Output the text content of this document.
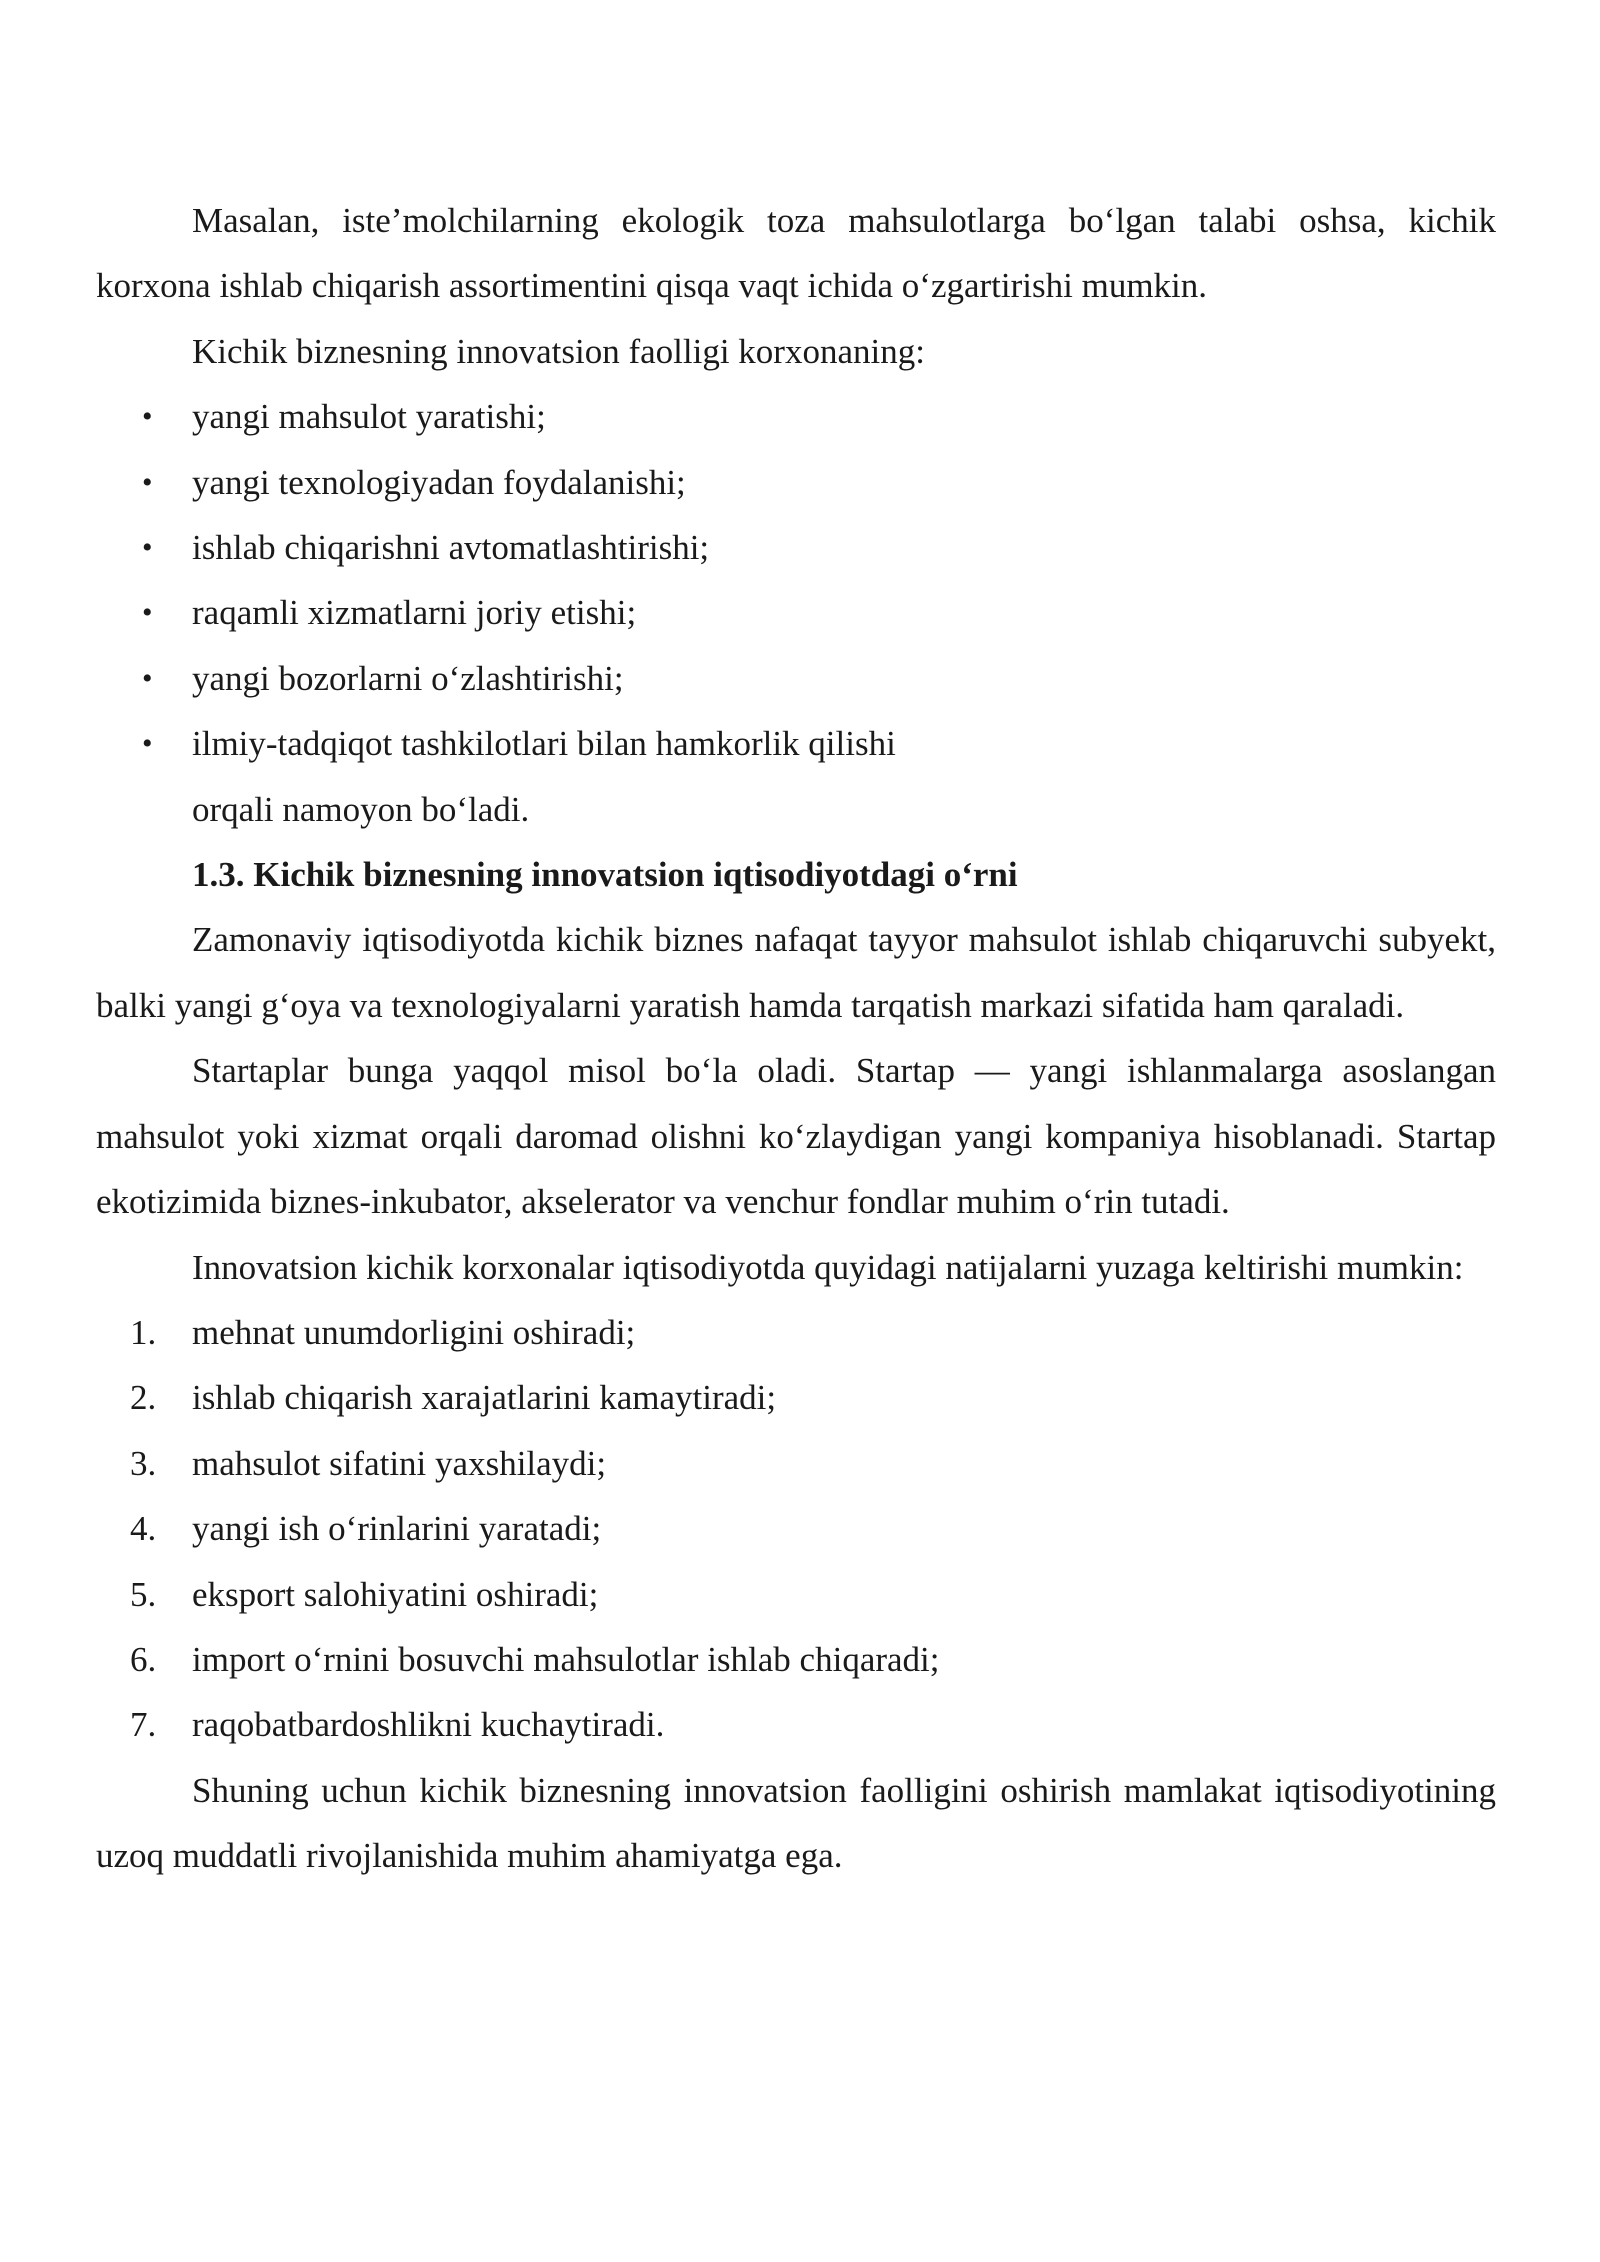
Masalan, iste’molchilarning ekologik toza mahsulotlarga bo‘lgan talabi oshsa, kichik korxona ishlab chiqarish assortimentini qisqa vaqt ichida o‘zgartirishi mumkin.

Kichik biznesning innovatsion faolligi korxonaning:

•	yangi mahsulot yaratishi;
•	yangi texnologiyadan foydalanishi;
•	ishlab chiqarishni avtomatlashtirishi;
•	raqamli xizmatlarni joriy etishi;
•	yangi bozorlarni o‘zlashtirishi;
•	ilmiy-tadqiqot tashkilotlari bilan hamkorlik qilishi

orqali namoyon bo‘ladi.

1.3. Kichik biznesning innovatsion iqtisodiyotdagi o‘rni

Zamonaviy iqtisodiyotda kichik biznes nafaqat tayyor mahsulot ishlab chiqaruvchi subyekt, balki yangi g‘oya va texnologiyalarni yaratish hamda tarqatish markazi sifatida ham qaraladi.

Startaplar bunga yaqqol misol bo‘la oladi. Startap — yangi ishlanmalarga asoslangan mahsulot yoki xizmat orqali daromad olishni ko‘zlaydigan yangi kompaniya hisoblanadi. Startap ekotizimida biznes-inkubator, akselerator va venchur fondlar muhim o‘rin tutadi.

Innovatsion kichik korxonalar iqtisodiyotda quyidagi natijalarni yuzaga keltirishi mumkin:

1.	mehnat unumdorligini oshiradi;
2.	ishlab chiqarish xarajatlarini kamaytiradi;
3.	mahsulot sifatini yaxshilaydi;
4.	yangi ish o‘rinlarini yaratadi;
5.	eksport salohiyatini oshiradi;
6.	import o‘rnini bosuvchi mahsulotlar ishlab chiqaradi;
7.	raqobatbardoshlikni kuchaytiradi.

Shuning uchun kichik biznesning innovatsion faolligini oshirish mamlakat iqtisodiyotining uzoq muddatli rivojlanishida muhim ahamiyatga ega.
